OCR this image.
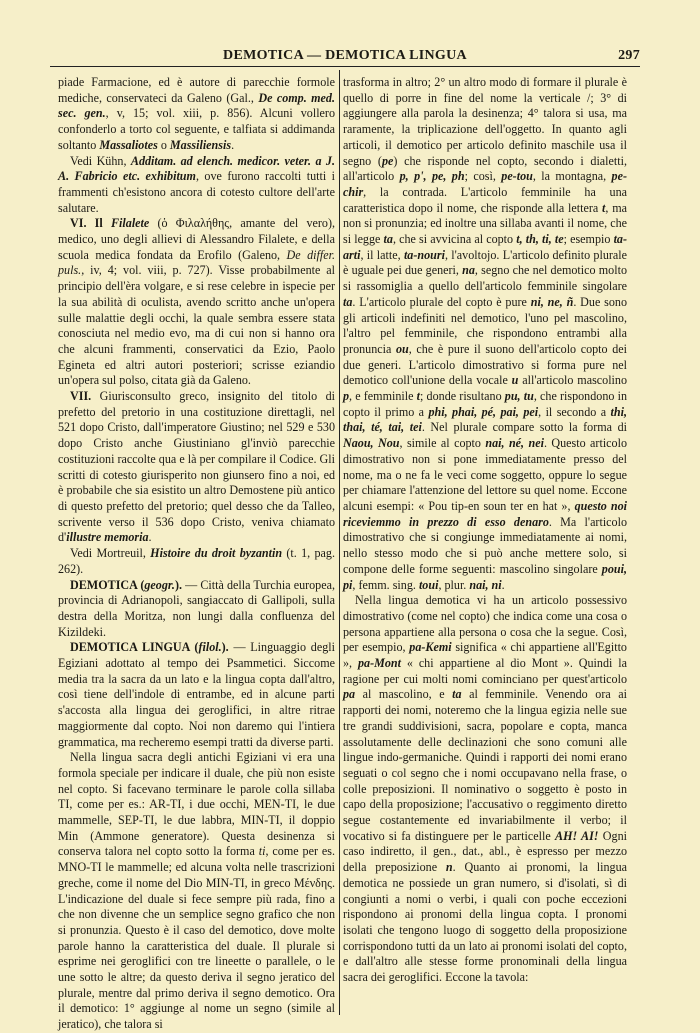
DEMOTICA — DEMOTICA LINGUA	297

piade Farmacione, ed è autore di parecchie formole mediche, conservateci da Galeno (Gal., De comp. med. sec. gen., v, 15; vol. xiii, p. 856). Alcuni vollero confonderlo a torto col seguente, e talfiata si addimanda soltanto Massaliotes o Massiliensis.

Vedi Kühn, Additam. ad elench. medicor. veter. a J. A. Fabricio etc. exhibitum, ove furono raccolti tutti i frammenti ch'esistono ancora di cotesto cultore dell'arte salutare.

VI. Il Filalete (ὁ Φιλαλήθης, amante del vero), medico, uno degli allievi di Alessandro Filalete, e della scuola medica fondata da Erofilo (Galeno, De differ. puls., iv, 4; vol. viii, p. 727). Visse probabilmente al principio dell'èra volgare, e si rese celebre in ispecie per la sua abilità di oculista, avendo scritto anche un'opera sulle malattie degli occhi, la quale sembra essere stata conosciuta nel medio evo, ma di cui non si hanno ora che alcuni frammenti, conservatici da Ezio, Paolo Egineta ed altri autori posteriori; scrisse eziandio un'opera sul polso, citata già da Galeno.

VII. Giurisconsulto greco, insignito del titolo di prefetto del pretorio in una costituzione direttagli, nel 521 dopo Cristo, dall'imperatore Giustino; nel 529 e 530 dopo Cristo anche Giustiniano gl'inviò parecchie costituzioni raccolte qua e là per compilare il Codice. Gli scritti di cotesto giurisperito non giunsero fino a noi, ed è probabile che sia esistito un altro Demostene più antico di questo prefetto del pretorio; quel desso che da Talleo, scriventе verso il 536 dopo Cristo, veniva chiamato d'illustre memoria.

Vedi Mortreuil, Histoire du droit byzantin (t. 1, pag. 262).

DEMOTICA (geogr.). — Città della Turchia europea, provincia di Adrianopoli, sangiaccato di Gallipoli, sulla destra della Moritza, non lungi dalla confluenza del Kizildeki.

DEMOTICA LINGUA (filol.). — Linguaggio degli Egiziani adottato al tempo dei Psammetici. Siccome media tra la sacra da un lato e la lingua copta dall'altro, così tiene dell'indole di entrambe, ed in alcune parti s'accosta alla lingua dei geroglifici, in altre ritrae maggiormente dal copto. Noi non daremo qui l'intiera grammatica, ma recheremo esempi tratti da diverse parti.

Nella lingua sacra degli antichi Egiziani vi era una formola speciale per indicare il duale, che più non esiste nel copto. Si facevano terminare le parole colla sillaba TI, come per es.: AR-TI, i due occhi, MEN-TI, le due mammelle, SEP-TI, le due labbra, MIN-TI, il doppio Min (Ammone generatore). Questa desinenza si conserva talora nel copto sotto la forma ti, come per es. MNO-TI le mammelle; ed alcuna volta nelle trascrizioni greche, come il nome del Dio MIN-TI, in greco Μένδης. L'indicazione del duale si fece sempre più rada, fino a che non divenne che un semplice segno grafico che non si pronunzia. Questo è il caso del demotico, dove molte parole hanno la caratteristica del duale. Il plurale si esprime nei geroglifici con tre lineette o parallele, o le une sotto le altre; da questo deriva il segno jeratico del plurale, mentre dal primo deriva il segno demotico. Ora il demotico: 1° aggiunge al nome un segno (simile al jeratico), che talora si

trasforma in altro; 2° un altro modo di formare il plurale è quello di porre in fine del nome la verticale /; 3° di aggiungere alla parola la desinenza; 4° talora si usa, ma raramente, la triplicazione dell'oggetto. In quanto agli articoli, il demotico per articolo definito maschile usa il segno (pe) che risponde nel copto, secondo i dialetti, all'articolo p, p', pe, ph; così, pe-tou, la montagna, pe-chir, la contrada. L'articolo femminile ha una caratteristica dopo il nome, che risponde alla lettera t, ma non si pronunzia; ed inoltre una sillaba avanti il nome, che si legge ta, che si avvicina al copto t, th, ti, te; esempio ta-arti, il latte, ta-nouri, l'avoltojo. L'articolo definito plurale è uguale pei due generi, na, segno che nel demotico molto si rassomiglia a quello dell'articolo femminile singolare ta. L'articolo plurale del copto è pure ni, ne, ñ. Due sono gli articoli indefiniti nel demotico, l'uno pel mascolino, l'altro pel femminile, che rispondono entrambi alla pronuncia ou, che è pure il suono dell'articolo copto dei due generi. L'articolo dimostrativo si forma pure nel demotico coll'unione della vocale u all'articolo mascolino p, e femminile t; donde risultano pu, tu, che rispondono in copto il primo a phi, phai, pé, pai, pei, il secondo a thi, thai, té, tai, tei. Nel plurale compare sotto la forma di Naou, Nou, simile al copto nai, né, nei. Questo articolo dimostrativo non si pone immediatamente presso del nome, ma o ne fa le veci come soggetto, oppure lo segue per chiamare l'attenzione del lettore su quel nome. Eccone alcuni esempi: « Pou tip-en soun ter en hat », questo noi riceviemmo in prezzo di esso denaro. Ma l'articolo dimostrativo che si congiunge immediatamente ai nomi, nello stesso modo che si può anche mettere solo, si compone delle forme seguenti: mascolino singolare poui, pi, femm. sing. toui, plur. nai, ni.

Nella lingua demotica vi ha un articolo possessivo dimostrativo (come nel copto) che indica come una cosa o persona appartiene alla persona o cosa che la segue. Così, per esempio, pa-Kemi significa « chi appartiene all'Egitto », pa-Mont « chi appartiene al dio Mont ». Quindi la ragione per cui molti nomi cominciano per quest'articolo pa al mascolino, e ta al femminile. Venendo ora ai rapporti dei nomi, noteremo che la lingua egizia nelle sue tre grandi suddivisioni, sacra, popolare e copta, manca assolutamente delle declinazioni che sono comuni alle lingue indo-germaniche. Quindi i rapporti dei nomi erano seguati o col segno che i nomi occupavano nella frase, o colle preposizioni. Il nominativo o soggetto è posto in capo della proposizione; l'accusativo o reggimento diretto segue costantemente ed invariabilmente il verbo; il vocativo si fa distinguere per le particelle AH! AI! Ogni caso indiretto, il gen., dat., abl., è espresso per mezzo della preposizione n. Quanto ai pronomi, la lingua demotica ne possiede un gran numero, si d'isolati, sì di congiunti a nomi o verbi, i quali con poche eccezioni rispondono ai pronomi della lingua copta. I pronomi isolati che tengono luogo di soggetto della proposizione corrispondono tutti da un lato ai pronomi isolati del copto, e dall'altro alle stesse forme pronominali della lingua sacra dei geroglifici. Eccone la tavola:
